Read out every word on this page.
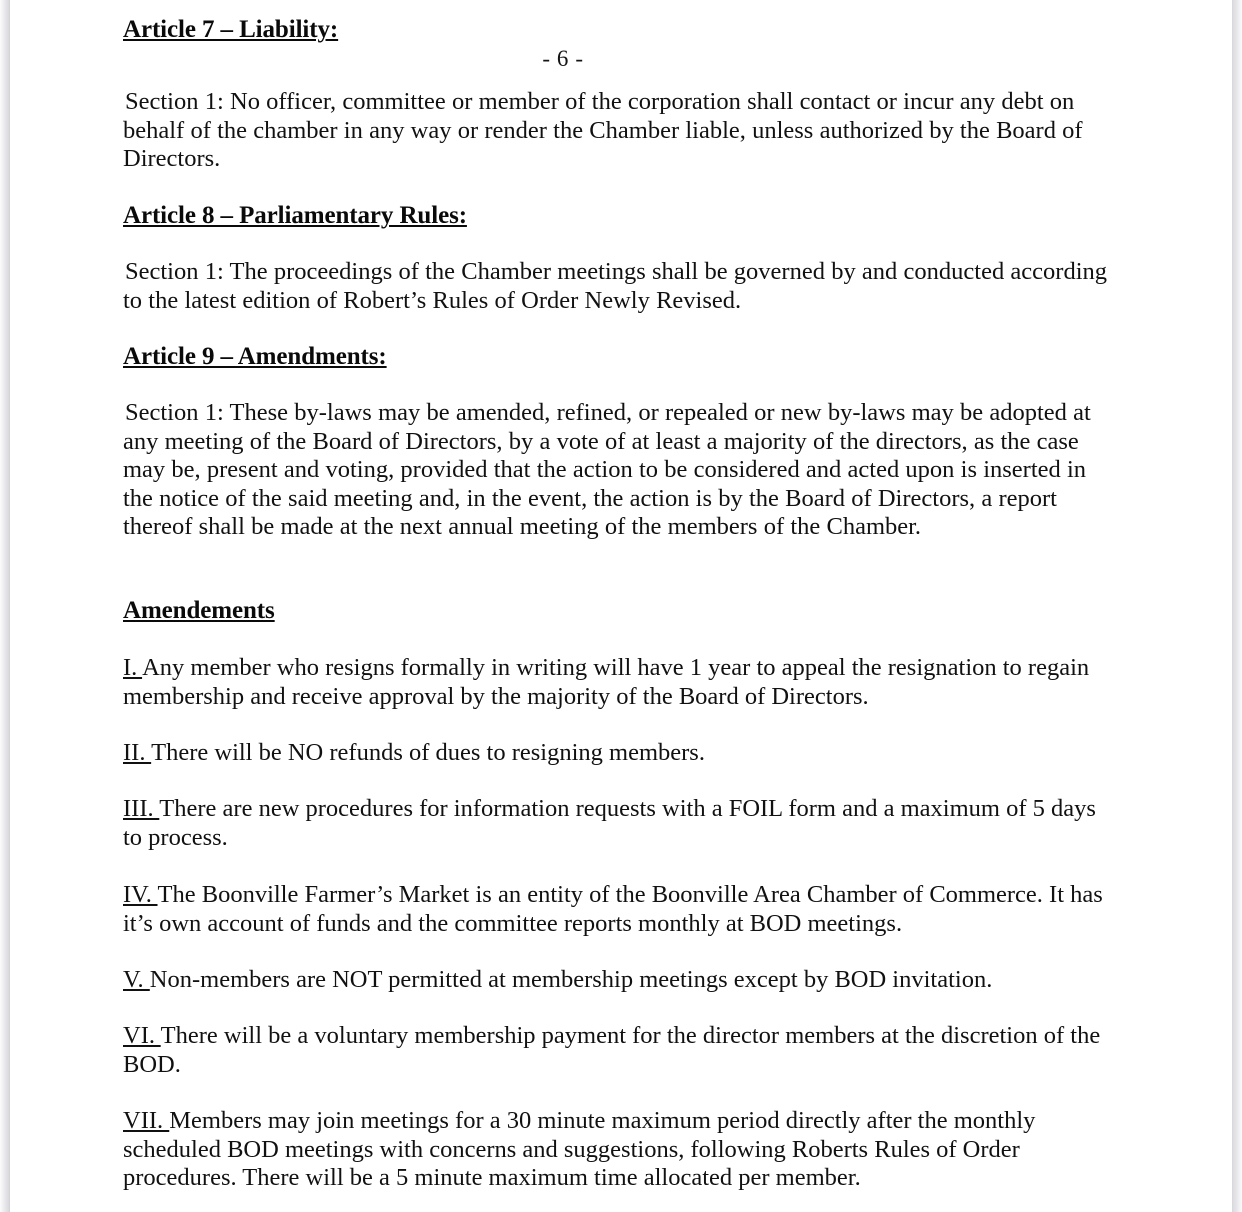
Article 7 – Liability:
- 6 -

Section 1: No officer, committee or member of the corporation shall contact or incur any debt on behalf of the chamber in any way or render the Chamber liable, unless authorized by the Board of Directors.

Article 8 – Parliamentary Rules:

Section 1: The proceedings of the Chamber meetings shall be governed by and conducted according to the latest edition of Robert’s Rules of Order Newly Revised.

Article 9 – Amendments:

Section 1: These by-laws may be amended, refined, or repealed or new by-laws may be adopted at any meeting of the Board of Directors, by a vote of at least a majority of the directors, as the case may be, present and voting, provided that the action to be considered and acted upon is inserted in the notice of the said meeting and, in the event, the action is by the Board of Directors, a report thereof shall be made at the next annual meeting of the members of the Chamber.

Amendements

I. Any member who resigns formally in writing will have 1 year to appeal the resignation to regain membership and receive approval by the majority of the Board of Directors.

II. There will be NO refunds of dues to resigning members.

III. There are new procedures for information requests with a FOIL form and a maximum of 5 days to process.

IV. The Boonville Farmer’s Market is an entity of the Boonville Area Chamber of Commerce. It has it’s own account of funds and the committee reports monthly at BOD meetings.

V. Non-members are NOT permitted at membership meetings except by BOD invitation.

VI. There will be a voluntary membership payment for the director members at the discretion of the BOD.

VII. Members may join meetings for a 30 minute maximum period directly after the monthly scheduled BOD meetings with concerns and suggestions, following Roberts Rules of Order procedures. There will be a 5 minute maximum time allocated per member.
